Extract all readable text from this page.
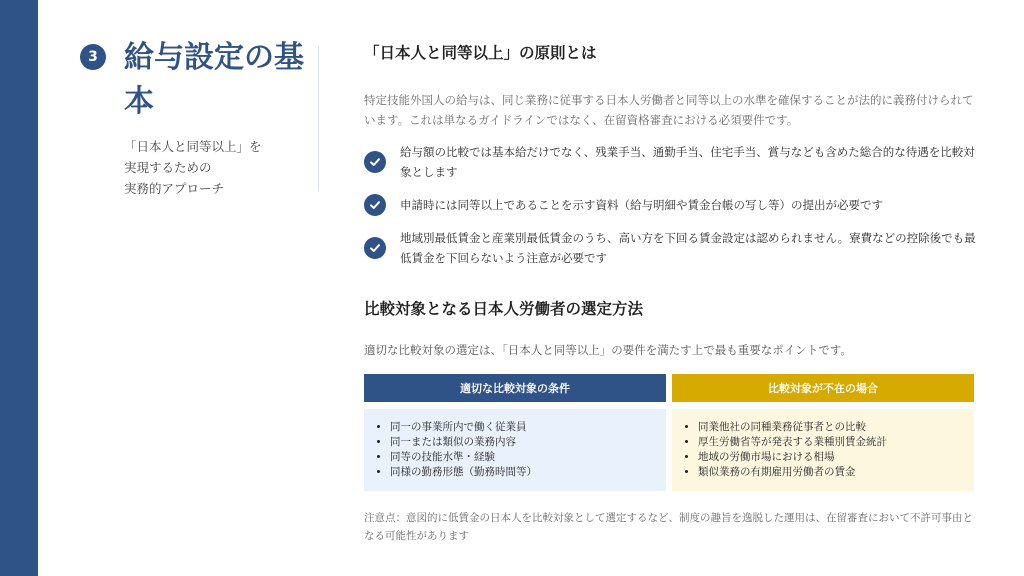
3 給与設定の基本
「日本人と同等以上」を
実現するための
実務的アプローチ
「日本人と同等以上」の原則とは
特定技能外国人の給与は、同じ業務に従事する日本人労働者と同等以上の水準を確保することが法的に義務付けられています。これは単なるガイドラインではなく、在留資格審査における必須要件です。
給与額の比較では基本給だけでなく、残業手当、通勤手当、住宅手当、賞与なども含めた総合的な待遇を比較対象とします
申請時には同等以上であることを示す資料（給与明細や賃金台帳の写し等）の提出が必要です
地域別最低賃金と産業別最低賃金のうち、高い方を下回る賃金設定は認められません。寮費などの控除後でも最低賃金を下回らないよう注意が必要です
比較対象となる日本人労働者の選定方法
適切な比較対象の選定は、「日本人と同等以上」の要件を満たす上で最も重要なポイントです。
適切な比較対象の条件	比較対象が不在の場合
• 同一の事業所内で働く従業員
• 同一または類似の業務内容
• 同等の技能水準・経験
• 同様の勤務形態（勤務時間等）
• 同業他社の同種業務従事者との比較
• 厚生労働省等が発表する業種別賃金統計
• 地域の労働市場における相場
• 類似業務の有期雇用労働者の賃金
注意点：意図的に低賃金の日本人を比較対象として選定するなど、制度の趣旨を逸脱した運用は、在留審査において不許可事由となる可能性があります
